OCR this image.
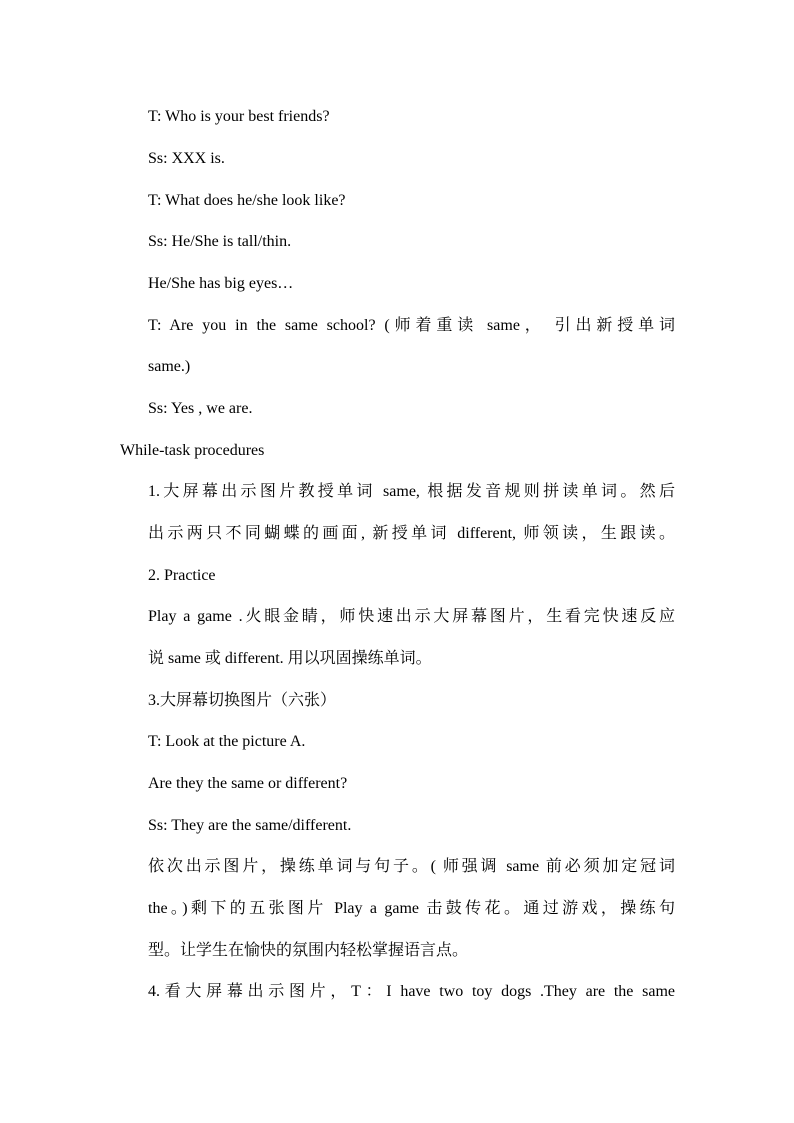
T: Who is your best friends?
Ss: XXX is.
T: What does he/she look like?
Ss: He/She is tall/thin.
He/She has big eyes…
T: Are you in the same school? (师着重读 same， 引出新授单词
same.)
Ss: Yes , we are.
While-task procedures
1.大屏幕出示图片教授单词 same, 根据发音规则拼读单词。然后
出示两只不同蝴蝶的画面, 新授单词 different, 师领读，生跟读。
2. Practice
Play a game .火眼金睛，师快速出示大屏幕图片，生看完快速反应
说 same 或 different. 用以巩固操练单词。
3.大屏幕切换图片（六张）
T: Look at the picture A.
Are they the same or different?
Ss: They are the same/different.
依次出示图片，操练单词与句子。( 师强调 same 前必须加定冠词
the。)剩下的五张图片 Play a game 击鼓传花。通过游戏，操练句
型。让学生在愉快的氛围内轻松掌握语言点。
4.看大屏幕出示图片，T：I have two toy dogs .They are the same
